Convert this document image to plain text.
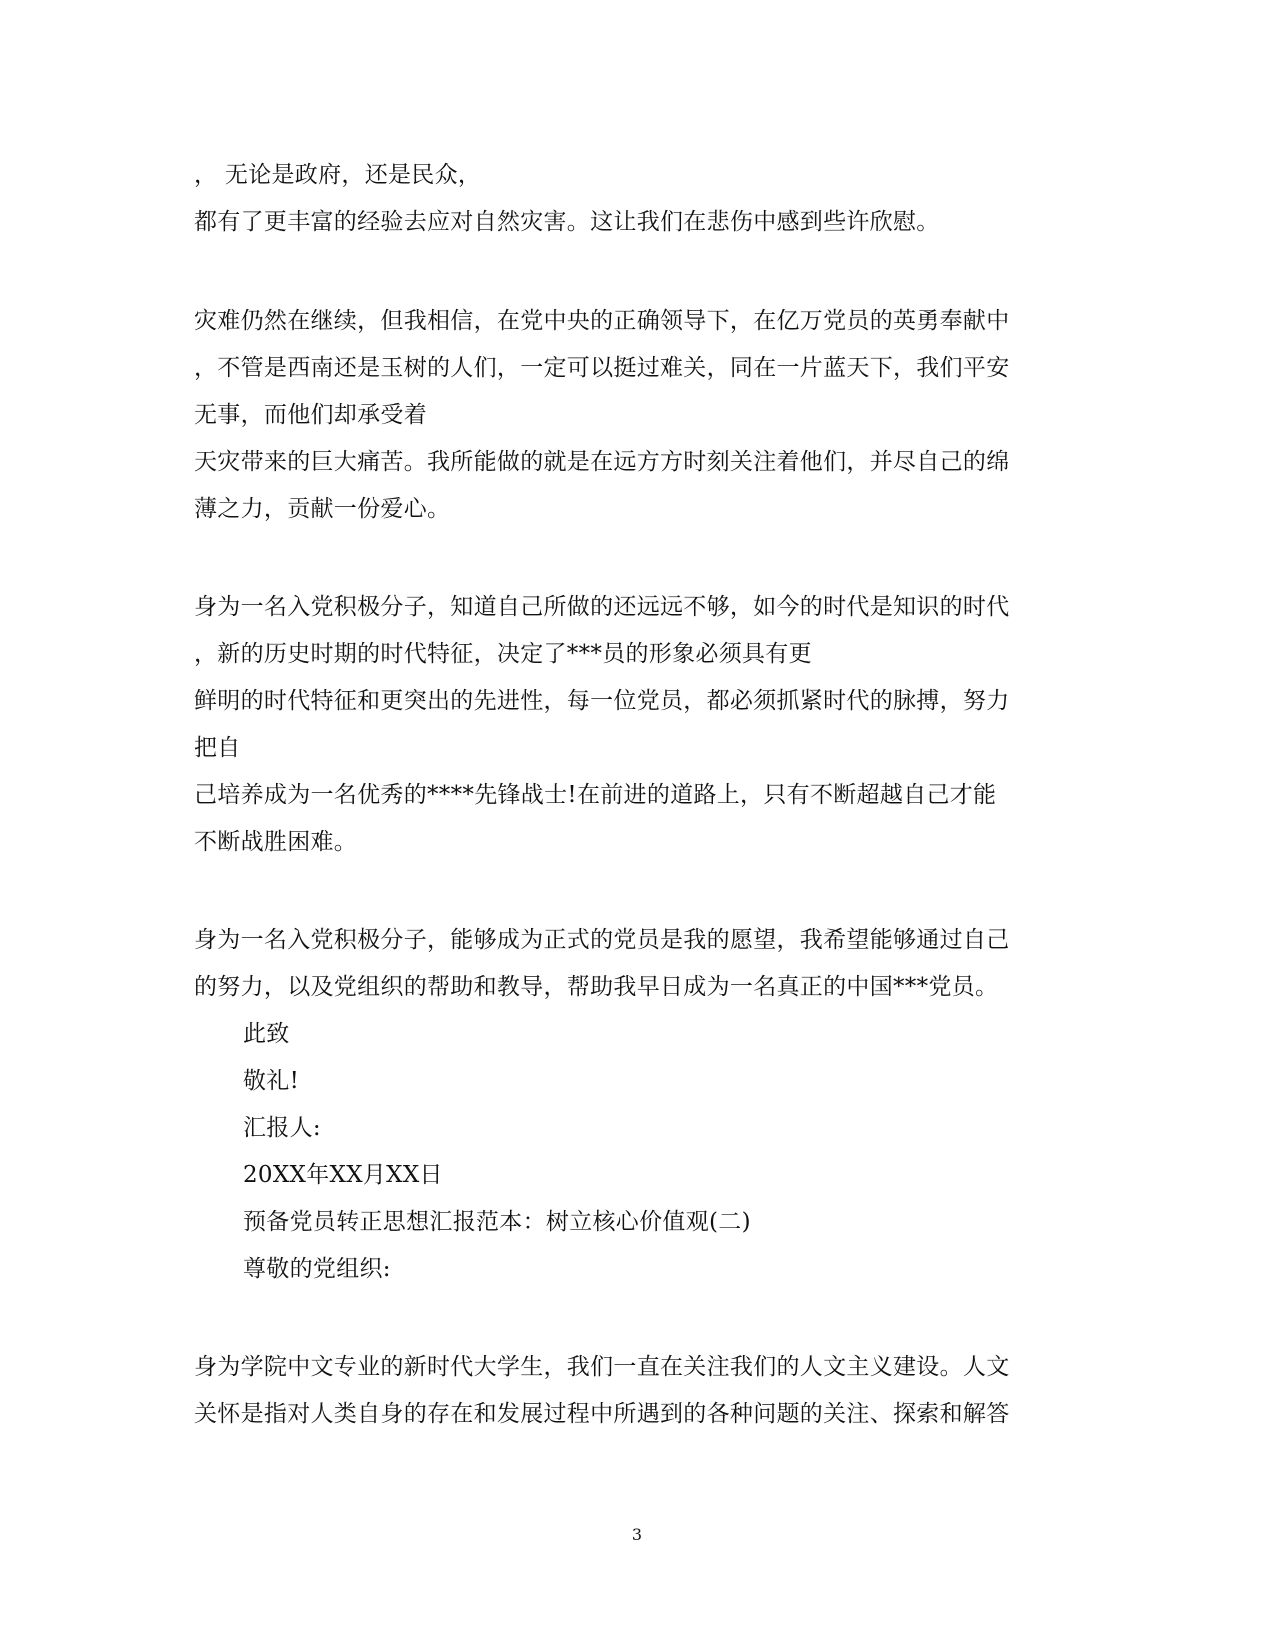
， 无论是政府，还是民众，
都有了更丰富的经验去应对自然灾害。这让我们在悲伤中感到些许欣慰。
灾难仍然在继续，但我相信，在党中央的正确领导下，在亿万党员的英勇奉献中
，不管是西南还是玉树的人们，一定可以挺过难关，同在一片蓝天下，我们平安
无事，而他们却承受着
天灾带来的巨大痛苦。我所能做的就是在远方方时刻关注着他们，并尽自己的绵
薄之力，贡献一份爱心。
身为一名入党积极分子，知道自己所做的还远远不够，如今的时代是知识的时代
，新的历史时期的时代特征，决定了***员的形象必须具有更
鲜明的时代特征和更突出的先进性，每一位党员，都必须抓紧时代的脉搏，努力
把自
己培养成为一名优秀的****先锋战士!在前进的道路上，只有不断超越自己才能
不断战胜困难。
身为一名入党积极分子，能够成为正式的党员是我的愿望，我希望能够通过自己
的努力，以及党组织的帮助和教导，帮助我早日成为一名真正的中国***党员。
此致
敬礼!
汇报人:
20XX年XX月XX日
预备党员转正思想汇报范本：树立核心价值观(二)
尊敬的党组织:
身为学院中文专业的新时代大学生，我们一直在关注我们的人文主义建设。人文
关怀是指对人类自身的存在和发展过程中所遇到的各种问题的关注、探索和解答
3
